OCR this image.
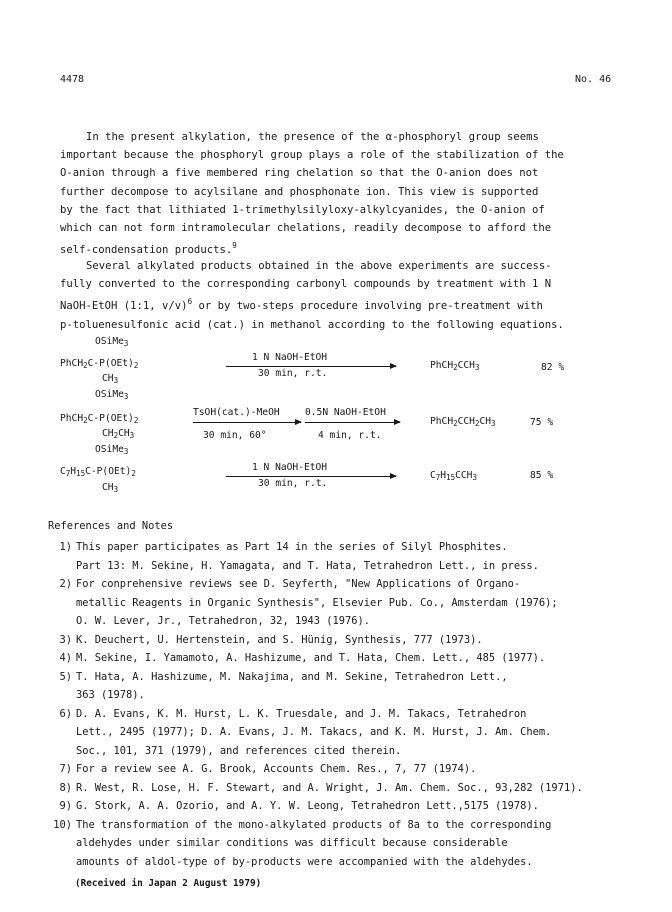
4478	No. 46
In the present alkylation, the presence of the α-phosphoryl group seems
important because the phosphoryl group plays a role of the stabilization of the
O-anion through a five membered ring chelation so that the O-anion does not
further decompose to acylsilane and phosphonate ion. This view is supported
by the fact that lithiated 1-trimethylsilyloxy-alkylcyanides, the O-anion of
which can not form intramolecular chelations, readily decompose to afford the
self-condensation products.$^9$
Several alkylated products obtained in the above experiments are success-
fully converted to the corresponding carbonyl compounds by treatment with 1 N
NaOH-EtOH (1:1, v/v)$^6$ or by two-steps procedure involving pre-treatment with
p-toluenesulfonic acid (cat.) in methanol according to the following equations.
OSiMe$_3$
$PhCH_2C-P(OEt)_2$
$CH_3$
1 N NaOH-EtOH
30 min, r.t.
$PhCH_2CCH_3$	82 %
OSiMe$_3$
$PhCH_2C-P(OEt)_2$
$CH_2CH_3$
TsOH(cat.)-MeOH
30 min, 60°
0.5N NaOH-EtOH
4 min, r.t.
$PhCH_2CCH_2CH_3$	75 %
OSiMe$_3$
$C_7H_{15}C-P(OEt)_2$
$CH_3$
1 N NaOH-EtOH
30 min, r.t.
$C_7H_{15}CCH_3$	85 %
References and Notes
1) This paper participates as Part 14 in the series of Silyl Phosphites.
Part 13: M. Sekine, H. Yamagata, and T. Hata, Tetrahedron Lett., in press.
2) For conprehensive reviews see D. Seyferth, "New Applications of Organo-
metallic Reagents in Organic Synthesis", Elsevier Pub. Co., Amsterdam (1976);
O. W. Lever, Jr., Tetrahedron, 32, 1943 (1976).
3) K. Deuchert, U. Hertenstein, and S. Hünig, Synthesis, 777 (1973).
4) M. Sekine, I. Yamamoto, A. Hashizume, and T. Hata, Chem. Lett., 485 (1977).
5) T. Hata, A. Hashizume, M. Nakajima, and M. Sekine, Tetrahedron Lett.,
363 (1978).
6) D. A. Evans, K. M. Hurst, L. K. Truesdale, and J. M. Takacs, Tetrahedron
Lett., 2495 (1977); D. A. Evans, J. M. Takacs, and K. M. Hurst, J. Am. Chem.
Soc., 101, 371 (1979), and references cited therein.
7) For a review see A. G. Brook, Accounts Chem. Res., 7, 77 (1974).
8) R. West, R. Lose, H. F. Stewart, and A. Wright, J. Am. Chem. Soc., 93,282 (1971).
9) G. Stork, A. A. Ozorio, and A. Y. W. Leong, Tetrahedron Lett.,5175 (1978).
10) The transformation of the mono-alkylated products of 8a to the corresponding
aldehydes under similar conditions was difficult because considerable
amounts of aldol-type of by-products were accompanied with the aldehydes.
(Received in Japan 2 August 1979)
